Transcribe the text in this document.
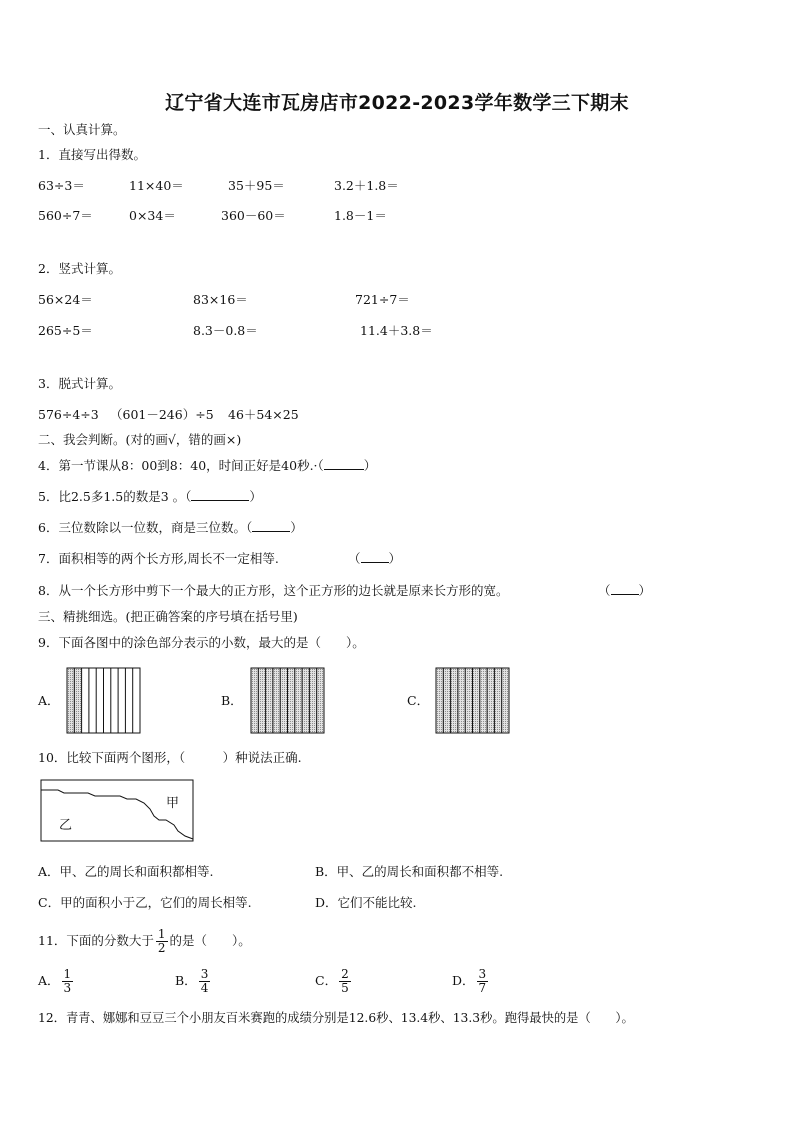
辽宁省大连市瓦房店市2022-2023学年数学三下期末
一、认真计算。
1．直接写出得数。
63÷3＝	11×40＝	35＋95＝	3.2＋1.8＝
560÷7＝	0×34＝	360－60＝	1.8－1＝
2．竖式计算。
56×24＝	83×16＝	721÷7＝
265÷5＝	8.3－0.8＝	11.4＋3.8＝
3．脱式计算。
576÷4÷3 （601－246）÷5 46＋54×25
二、我会判断。(对的画√，错的画×)
4．第一节课从8：00到8：40，时间正好是40秒.·（	）
5．比2.5多1.5的数是3 。（	）
6．三位数除以一位数，商是三位数。（	）
7．面积相等的两个长方形,周长不一定相等.	（ ）
8．从一个长方形中剪下一个最大的正方形，这个正方形的边长就是原来长方形的宽。	（ ）
三、精挑细选。(把正确答案的序号填在括号里)
9．下面各图中的涂色部分表示的小数，最大的是（　　）。
A．	B．	C．
10．比较下面两个图形，（　　　）种说法正确.
甲
乙
A．甲、乙的周长和面积都相等.	B．甲、乙的周长和面积都不相等.
C．甲的面积小于乙，它们的周长相等.	D．它们不能比较.
11．下面的分数大于 $\frac{1}{2}$ 的是（　　）。
A． $\frac{1}{3}$	B． $\frac{3}{4}$	C． $\frac{2}{5}$	D． $\frac{3}{7}$
12．青青、娜娜和豆豆三个小朋友百米赛跑的成绩分别是12.6秒、13.4秒、13.3秒。跑得最快的是（　　）。
